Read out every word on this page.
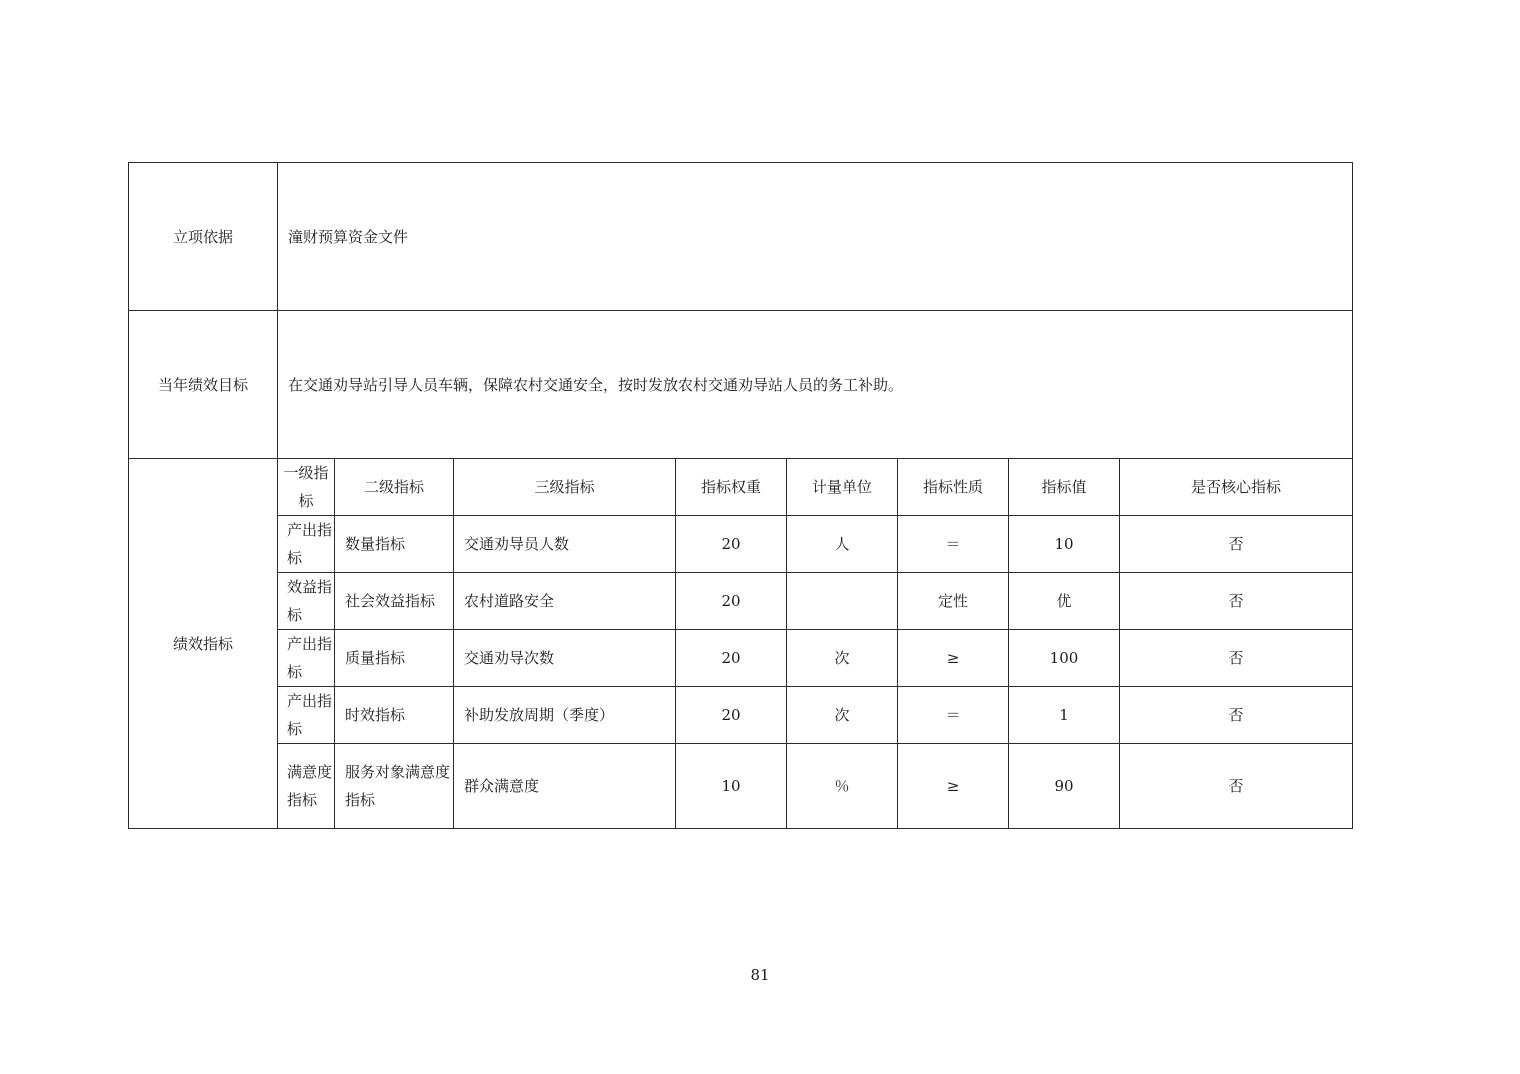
立项依据	潼财预算资金文件							
当年绩效目标	在交通劝导站引导人员车辆，保障农村交通安全，按时发放农村交通劝导站人员的务工补助。							
绩效指标	一级指标	二级指标	三级指标	指标权重	计量单位	指标性质	指标值	是否核心指标
	产出指标	数量指标	交通劝导员人数	20	人	＝	10	否
	效益指标	社会效益指标	农村道路安全	20		定性	优	否
	产出指标	质量指标	交通劝导次数	20	次	≥	100	否
	产出指标	时效指标	补助发放周期（季度）	20	次	＝	1	否
	满意度指标	服务对象满意度指标	群众满意度	10	％	≥	90	否
81
